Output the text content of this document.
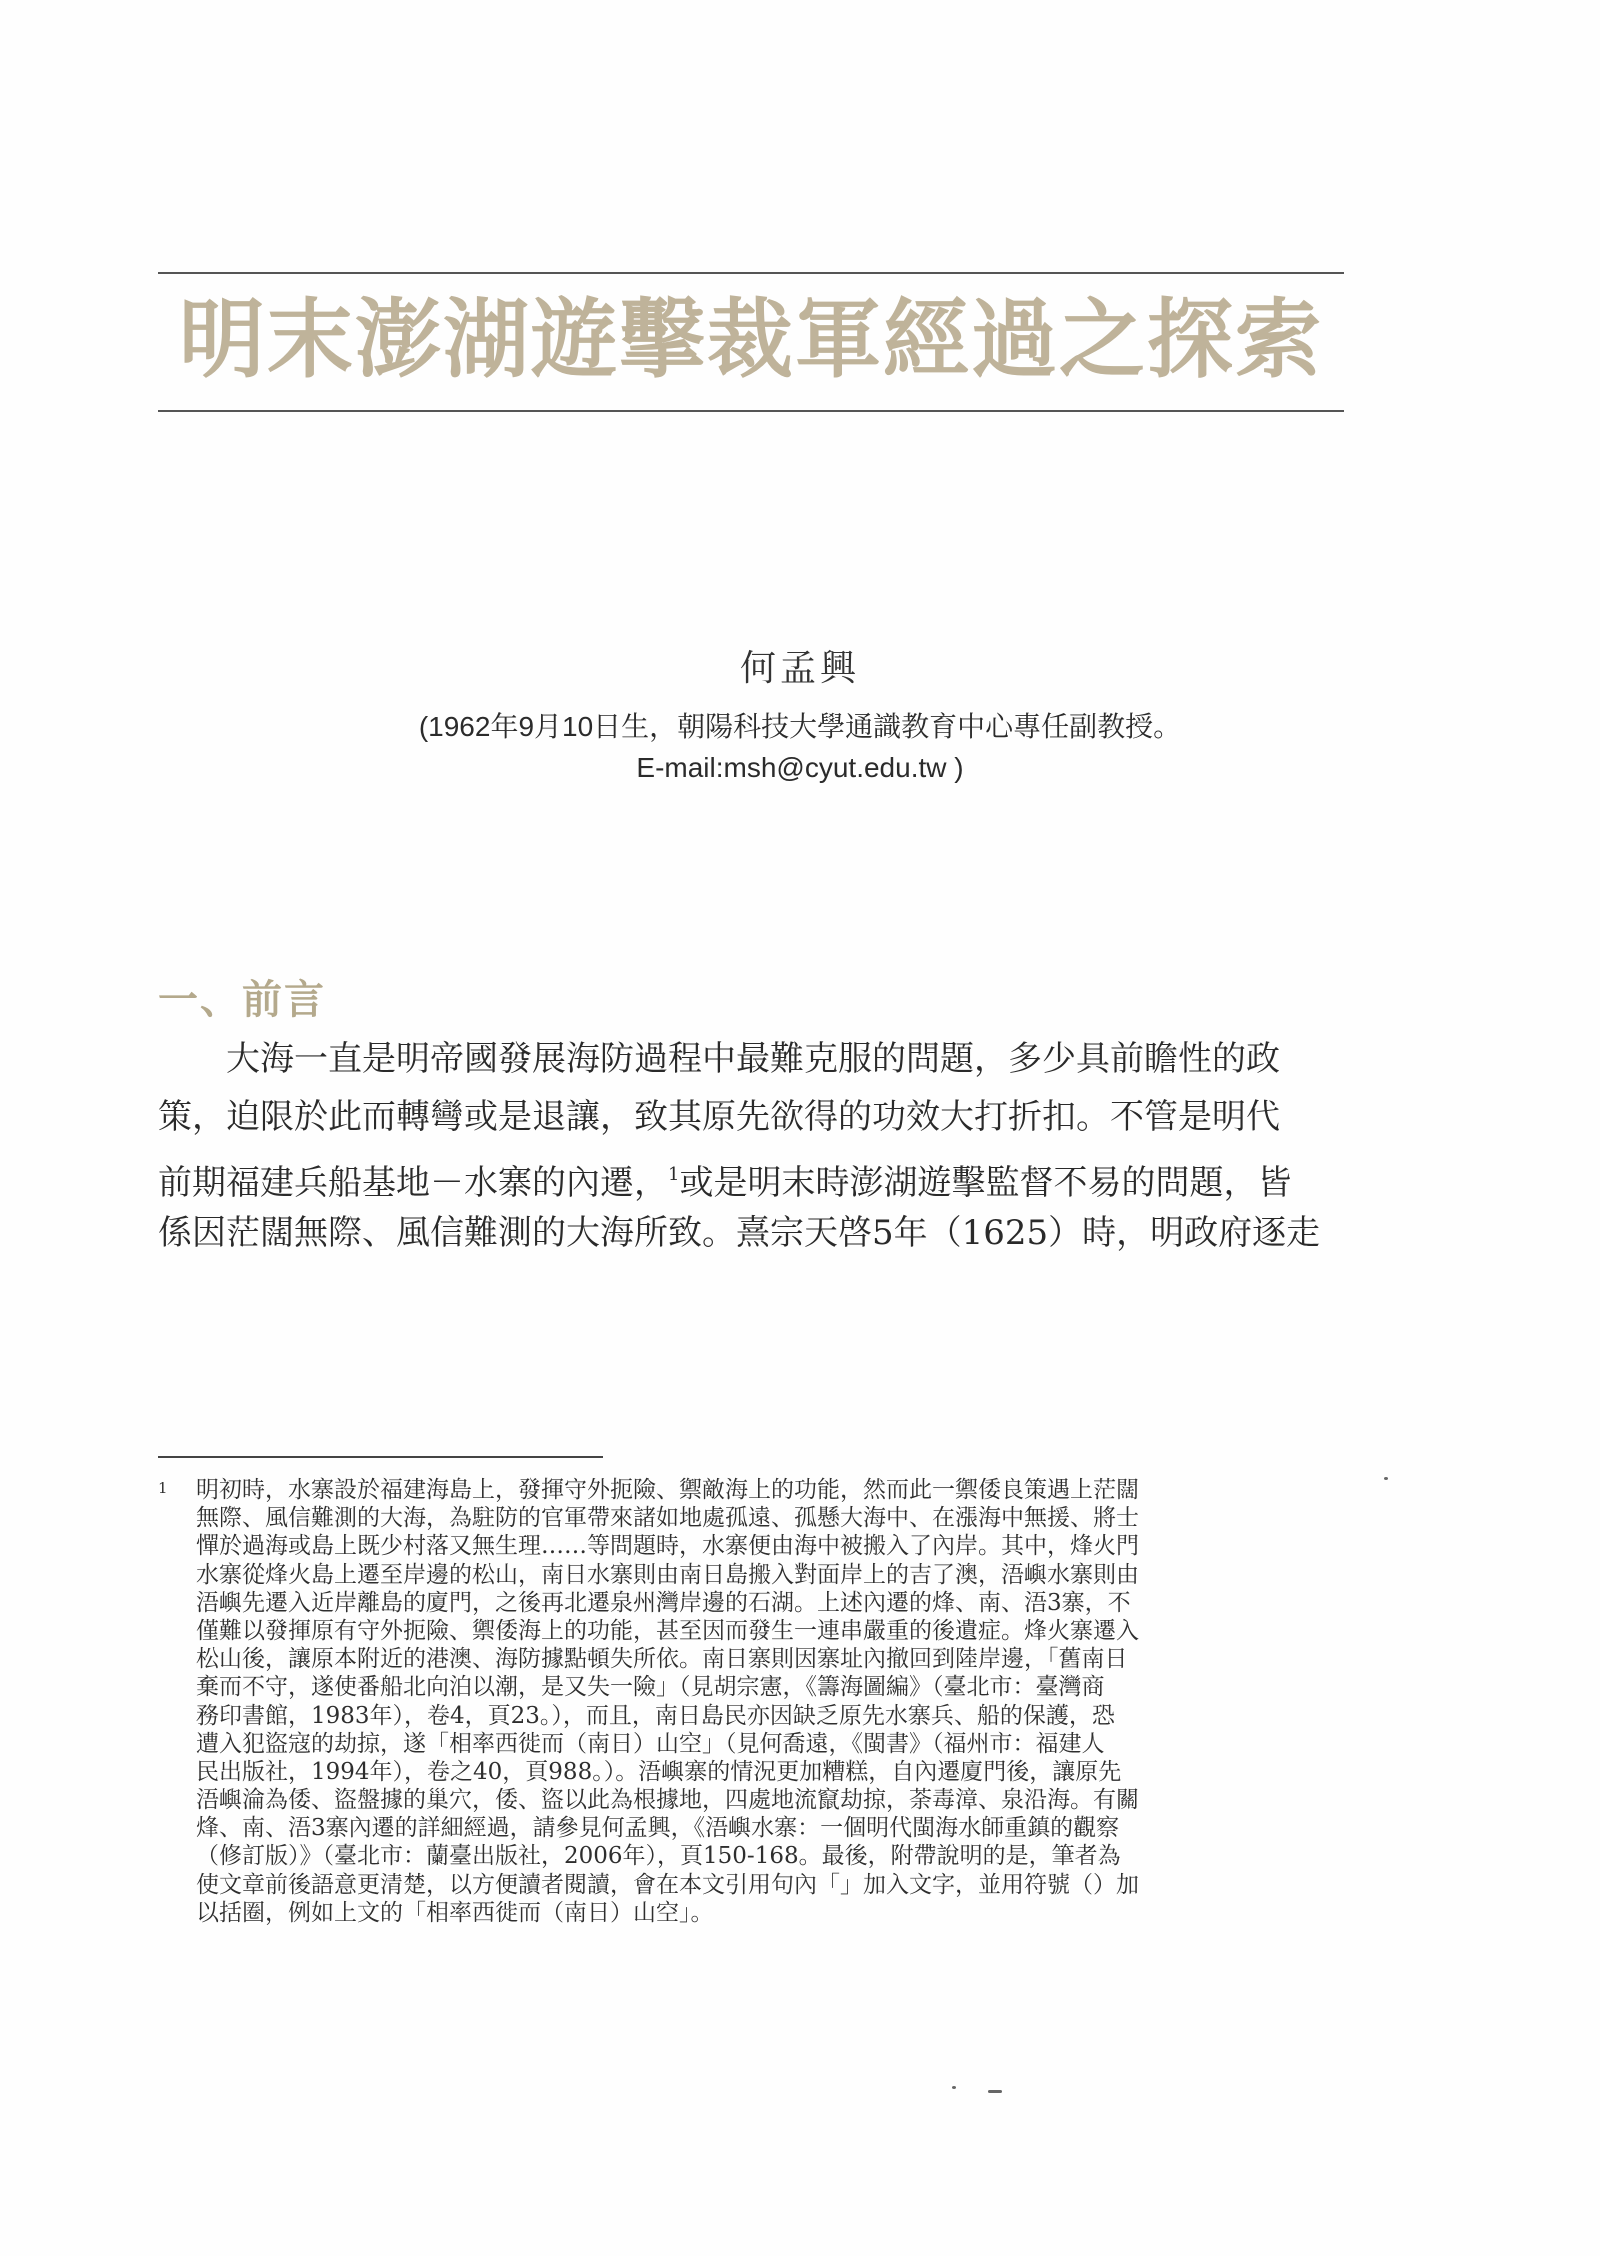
明末澎湖遊擊裁軍經過之探索
何孟興
(1962年9月10日生，朝陽科技大學通識教育中心專任副教授。
E-mail:msh@cyut.edu.tw )
一、前言
大海一直是明帝國發展海防過程中最難克服的問題，多少具前瞻性的政
策，迫限於此而轉彎或是退讓，致其原先欲得的功效大打折扣。不管是明代
前期福建兵船基地－水寨的內遷，$^1$或是明末時澎湖遊擊監督不易的問題，皆
係因茫闊無際、風信難測的大海所致。熹宗天啓5年（1625）時，明政府逐走
1 明初時，水寨設於福建海島上，發揮守外扼險、禦敵海上的功能，然而此一禦倭良策遇上茫闊
無際、風信難測的大海，為駐防的官軍帶來諸如地處孤遠、孤懸大海中、在漲海中無援、將士
憚於過海或島上既少村落又無生理……等問題時，水寨便由海中被搬入了內岸。其中，烽火門
水寨從烽火島上遷至岸邊的松山，南日水寨則由南日島搬入對面岸上的吉了澳，浯嶼水寨則由
浯嶼先遷入近岸離島的廈門，之後再北遷泉州灣岸邊的石湖。上述內遷的烽、南、浯3寨，不
僅難以發揮原有守外扼險、禦倭海上的功能，甚至因而發生一連串嚴重的後遺症。烽火寨遷入
松山後，讓原本附近的港澳、海防據點頓失所依。南日寨則因寨址內撤回到陸岸邊，「舊南日
棄而不守，遂使番船北向泊以潮，是又失一險」（見胡宗憲，《籌海圖編》（臺北市：臺灣商
務印書館，1983年），卷4，頁23。），而且，南日島民亦因缺乏原先水寨兵、船的保護，恐
遭入犯盜寇的劫掠，遂「相率西徙而（南日）山空」（見何喬遠，《閩書》（福州市：福建人
民出版社，1994年），卷之40，頁988。）。浯嶼寨的情況更加糟糕，自內遷廈門後，讓原先
浯嶼淪為倭、盜盤據的巢穴，倭、盜以此為根據地，四處地流竄劫掠，荼毒漳、泉沿海。有關
烽、南、浯3寨內遷的詳細經過，請參見何孟興，《浯嶼水寨：一個明代閩海水師重鎮的觀察
（修訂版）》（臺北市：蘭臺出版社，2006年），頁150-168。最後，附帶說明的是，筆者為
使文章前後語意更清楚，以方便讀者閱讀，會在本文引用句內「」加入文字，並用符號（）加
以括圈，例如上文的「相率西徙而（南日）山空」。
